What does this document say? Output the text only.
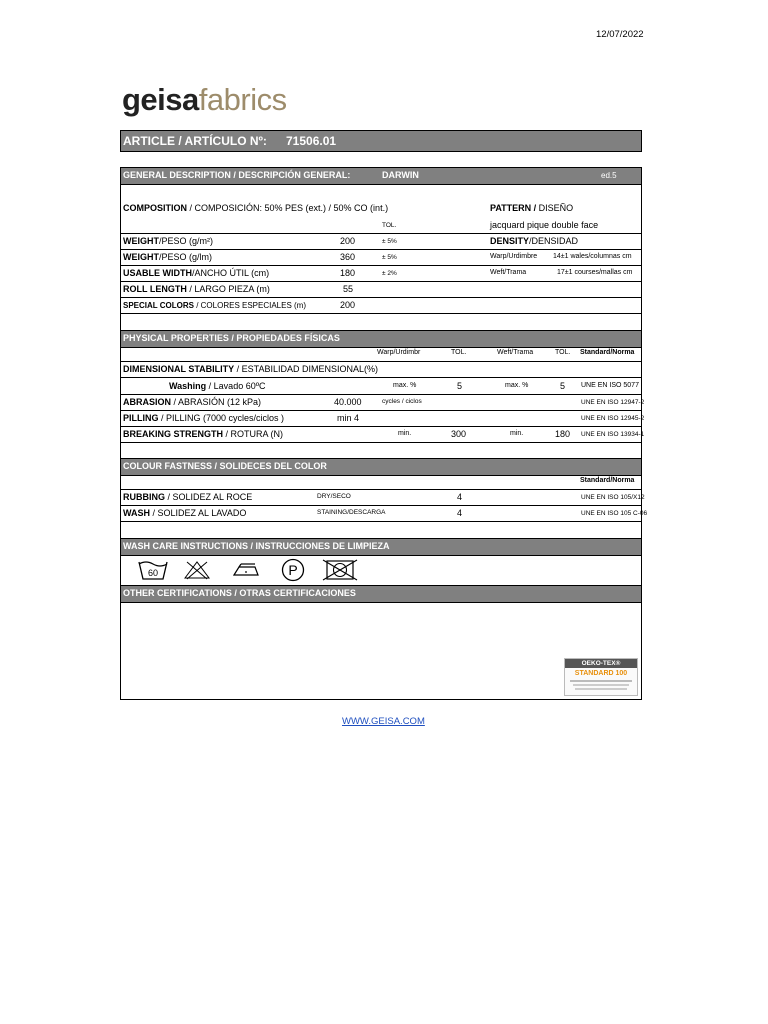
12/07/2022
geisafabrics
ARTICLE / ARTÍCULO Nº: 71506.01
GENERAL DESCRIPTION / DESCRIPCIÓN GENERAL:	DARWIN	ed.5
COMPOSITION / COMPOSICIÓN: 50% PES (ext.) / 50% CO (int.)	PATTERN / DISEÑO
TOL.	jacquard pique double face
WEIGHT/PESO (g/m²)	200	± 5%	DENSITY/DENSIDAD
WEIGHT/PESO (g/lm)	360	± 5%	Warp/Urdimbre 14±1 wales/columnas cm
USABLE WIDTH/ANCHO ÚTIL (cm)	180	± 2%	Weft/Trama	17±1 courses/mallas cm
ROLL LENGTH / LARGO PIEZA (m)	55
SPECIAL COLORS / COLORES ESPECIALES (m)	200
PHYSICAL PROPERTIES / PROPIEDADES FÍSICAS
Warp/Urdimbr	TOL.	Weft/Trama	TOL. Standard/Norma
DIMENSIONAL STABILITY / ESTABILIDAD DIMENSIONAL(%)
Washing / Lavado 60ºC	max. %	5	max. %	5 UNE EN ISO 5077
ABRASION / ABRASIÓN (12 kPa)	40.000	cycles / ciclos	UNE EN ISO 12947-2
PILLING / PILLING (7000 cycles/ciclos )	min 4	UNE EN ISO 12945-2
BREAKING STRENGTH / ROTURA (N)	min.	300	min.	180 UNE EN ISO 13934-1
COLOUR FASTNESS / SOLIDECES DEL COLOR
Standard/Norma
RUBBING / SOLIDEZ AL ROCE	DRY/SECO	4	UNE EN ISO 105/X12
WASH / SOLIDEZ AL LAVADO	STAINING/DESCARGA	4	UNE EN ISO 105 C-06
WASH CARE INSTRUCTIONS / INSTRUCCIONES DE LIMPIEZA
60	P
OTHER CERTIFICATIONS / OTRAS CERTIFICACIONES
OEKO-TEX®
STANDARD 100
WWW.GEISA.COM
